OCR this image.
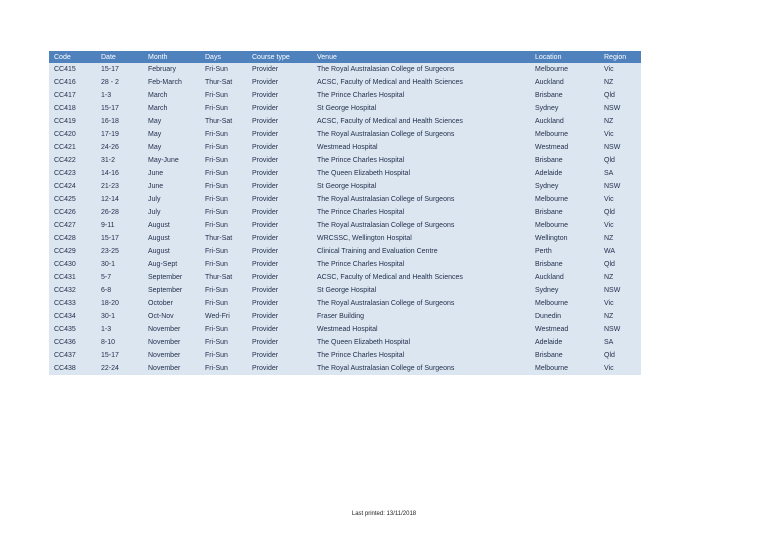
Code	Date	Month	Days	Course type	Venue	Location	Region
CC415	15-17	February	Fri-Sun	Provider	The Royal Australasian College of Surgeons	Melbourne	Vic
CC416	28 - 2	Feb-March	Thur-Sat	Provider	ACSC, Faculty of Medical and Health Sciences	Auckland	NZ
CC417	1-3	March	Fri-Sun	Provider	The Prince Charles Hospital	Brisbane	Qld
CC418	15-17	March	Fri-Sun	Provider	St George Hospital	Sydney	NSW
CC419	16-18	May	Thur-Sat	Provider	ACSC, Faculty of Medical and Health Sciences	Auckland	NZ
CC420	17-19	May	Fri-Sun	Provider	The Royal Australasian College of Surgeons	Melbourne	Vic
CC421	24-26	May	Fri-Sun	Provider	Westmead Hospital	Westmead	NSW
CC422	31-2	May-June	Fri-Sun	Provider	The Prince Charles Hospital	Brisbane	Qld
CC423	14-16	June	Fri-Sun	Provider	The Queen Elizabeth Hospital	Adelaide	SA
CC424	21-23	June	Fri-Sun	Provider	St George Hospital	Sydney	NSW
CC425	12-14	July	Fri-Sun	Provider	The Royal Australasian College of Surgeons	Melbourne	Vic
CC426	26-28	July	Fri-Sun	Provider	The Prince Charles Hospital	Brisbane	Qld
CC427	9-11	August	Fri-Sun	Provider	The Royal Australasian College of Surgeons	Melbourne	Vic
CC428	15-17	August	Thur-Sat	Provider	WRCSSC, Wellington Hospital	Wellington	NZ
CC429	23-25	August	Fri-Sun	Provider	Clinical Training and Evaluation Centre	Perth	WA
CC430	30-1	Aug-Sept	Fri-Sun	Provider	The Prince Charles Hospital	Brisbane	Qld
CC431	5-7	September	Thur-Sat	Provider	ACSC, Faculty of Medical and Health Sciences	Auckland	NZ
CC432	6-8	September	Fri-Sun	Provider	St George Hospital	Sydney	NSW
CC433	18-20	October	Fri-Sun	Provider	The Royal Australasian College of Surgeons	Melbourne	Vic
CC434	30-1	Oct-Nov	Wed-Fri	Provider	Fraser Building	Dunedin	NZ
CC435	1-3	November	Fri-Sun	Provider	Westmead Hospital	Westmead	NSW
CC436	8-10	November	Fri-Sun	Provider	The Queen Elizabeth Hospital	Adelaide	SA
CC437	15-17	November	Fri-Sun	Provider	The Prince Charles Hospital	Brisbane	Qld
CC438	22-24	November	Fri-Sun	Provider	The Royal Australasian College of Surgeons	Melbourne	Vic
Last printed: 13/11/2018
